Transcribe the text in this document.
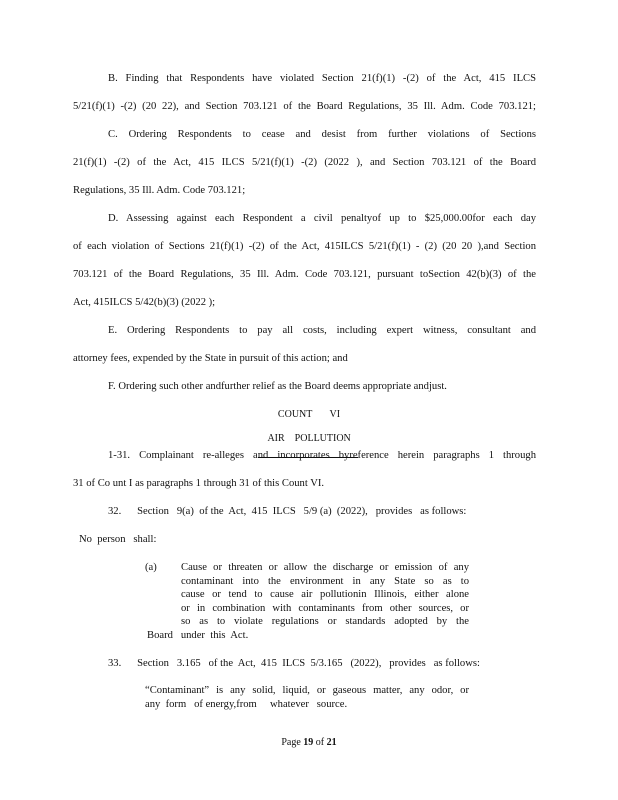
B. Finding that Respondents have violated Section 21(f)(1) -(2) of the Act, 415 ILCS
5/21(f)(1) -(2) (20 22), and Section 703.121 of the Board Regulations, 35 Ill. Adm. Code 703.121;
C. Ordering Respondents to cease and desist from further violations of Sections
21(f)(1) -(2) of the Act, 415 ILCS 5/21(f)(1) -(2) (2022 ), and Section 703.121 of the Board
Regulations, 35 Ill. Adm. Code 703.121;
D. Assessing against each Respondent a civil penaltyof up to $25,000.00for each day
of each violation of Sections 21(f)(1) -(2) of the Act, 415ILCS 5/21(f)(1) - (2) (20 20 ),and Section
703.121 of the Board Regulations, 35 Ill. Adm. Code 703.121, pursuant toSection 42(b)(3) of the
Act, 415ILCS 5/42(b)(3) (2022 );
E. Ordering Respondents to pay all costs, including expert witness, consultant and
attorney fees, expended by the State in pursuit of this action; and
F. Ordering such other andfurther relief as the Board deems appropriate andjust.
COUNT       VI

AIR    POLLUTION

1-31. Complainant re-alleges and incorporates byreference herein paragraphs 1 through
31 of Co unt I as paragraphs 1 through 31 of this Count VI.
32.      Section   9(a)  of the  Act,  415  ILCS   5/9 (a)  (2022),   provides   as follows:
No  person   shall:
(a) Cause or threaten or allow the discharge or emission of any
contaminant into the environment in any State so as to
cause or tend to cause air pollutionin Illinois, either alone
or in combination with contaminants from other sources, or
so as to violate regulations or standards adopted by the
Board   under  this  Act.
33.      Section   3.165   of the  Act,  415  ILCS  5/3.165   (2022),   provides   as follows:
“Contaminant” is any solid, liquid, or gaseous matter, any odor, or
any  form   of energy,from     whatever   source.
Page 19 of 21
